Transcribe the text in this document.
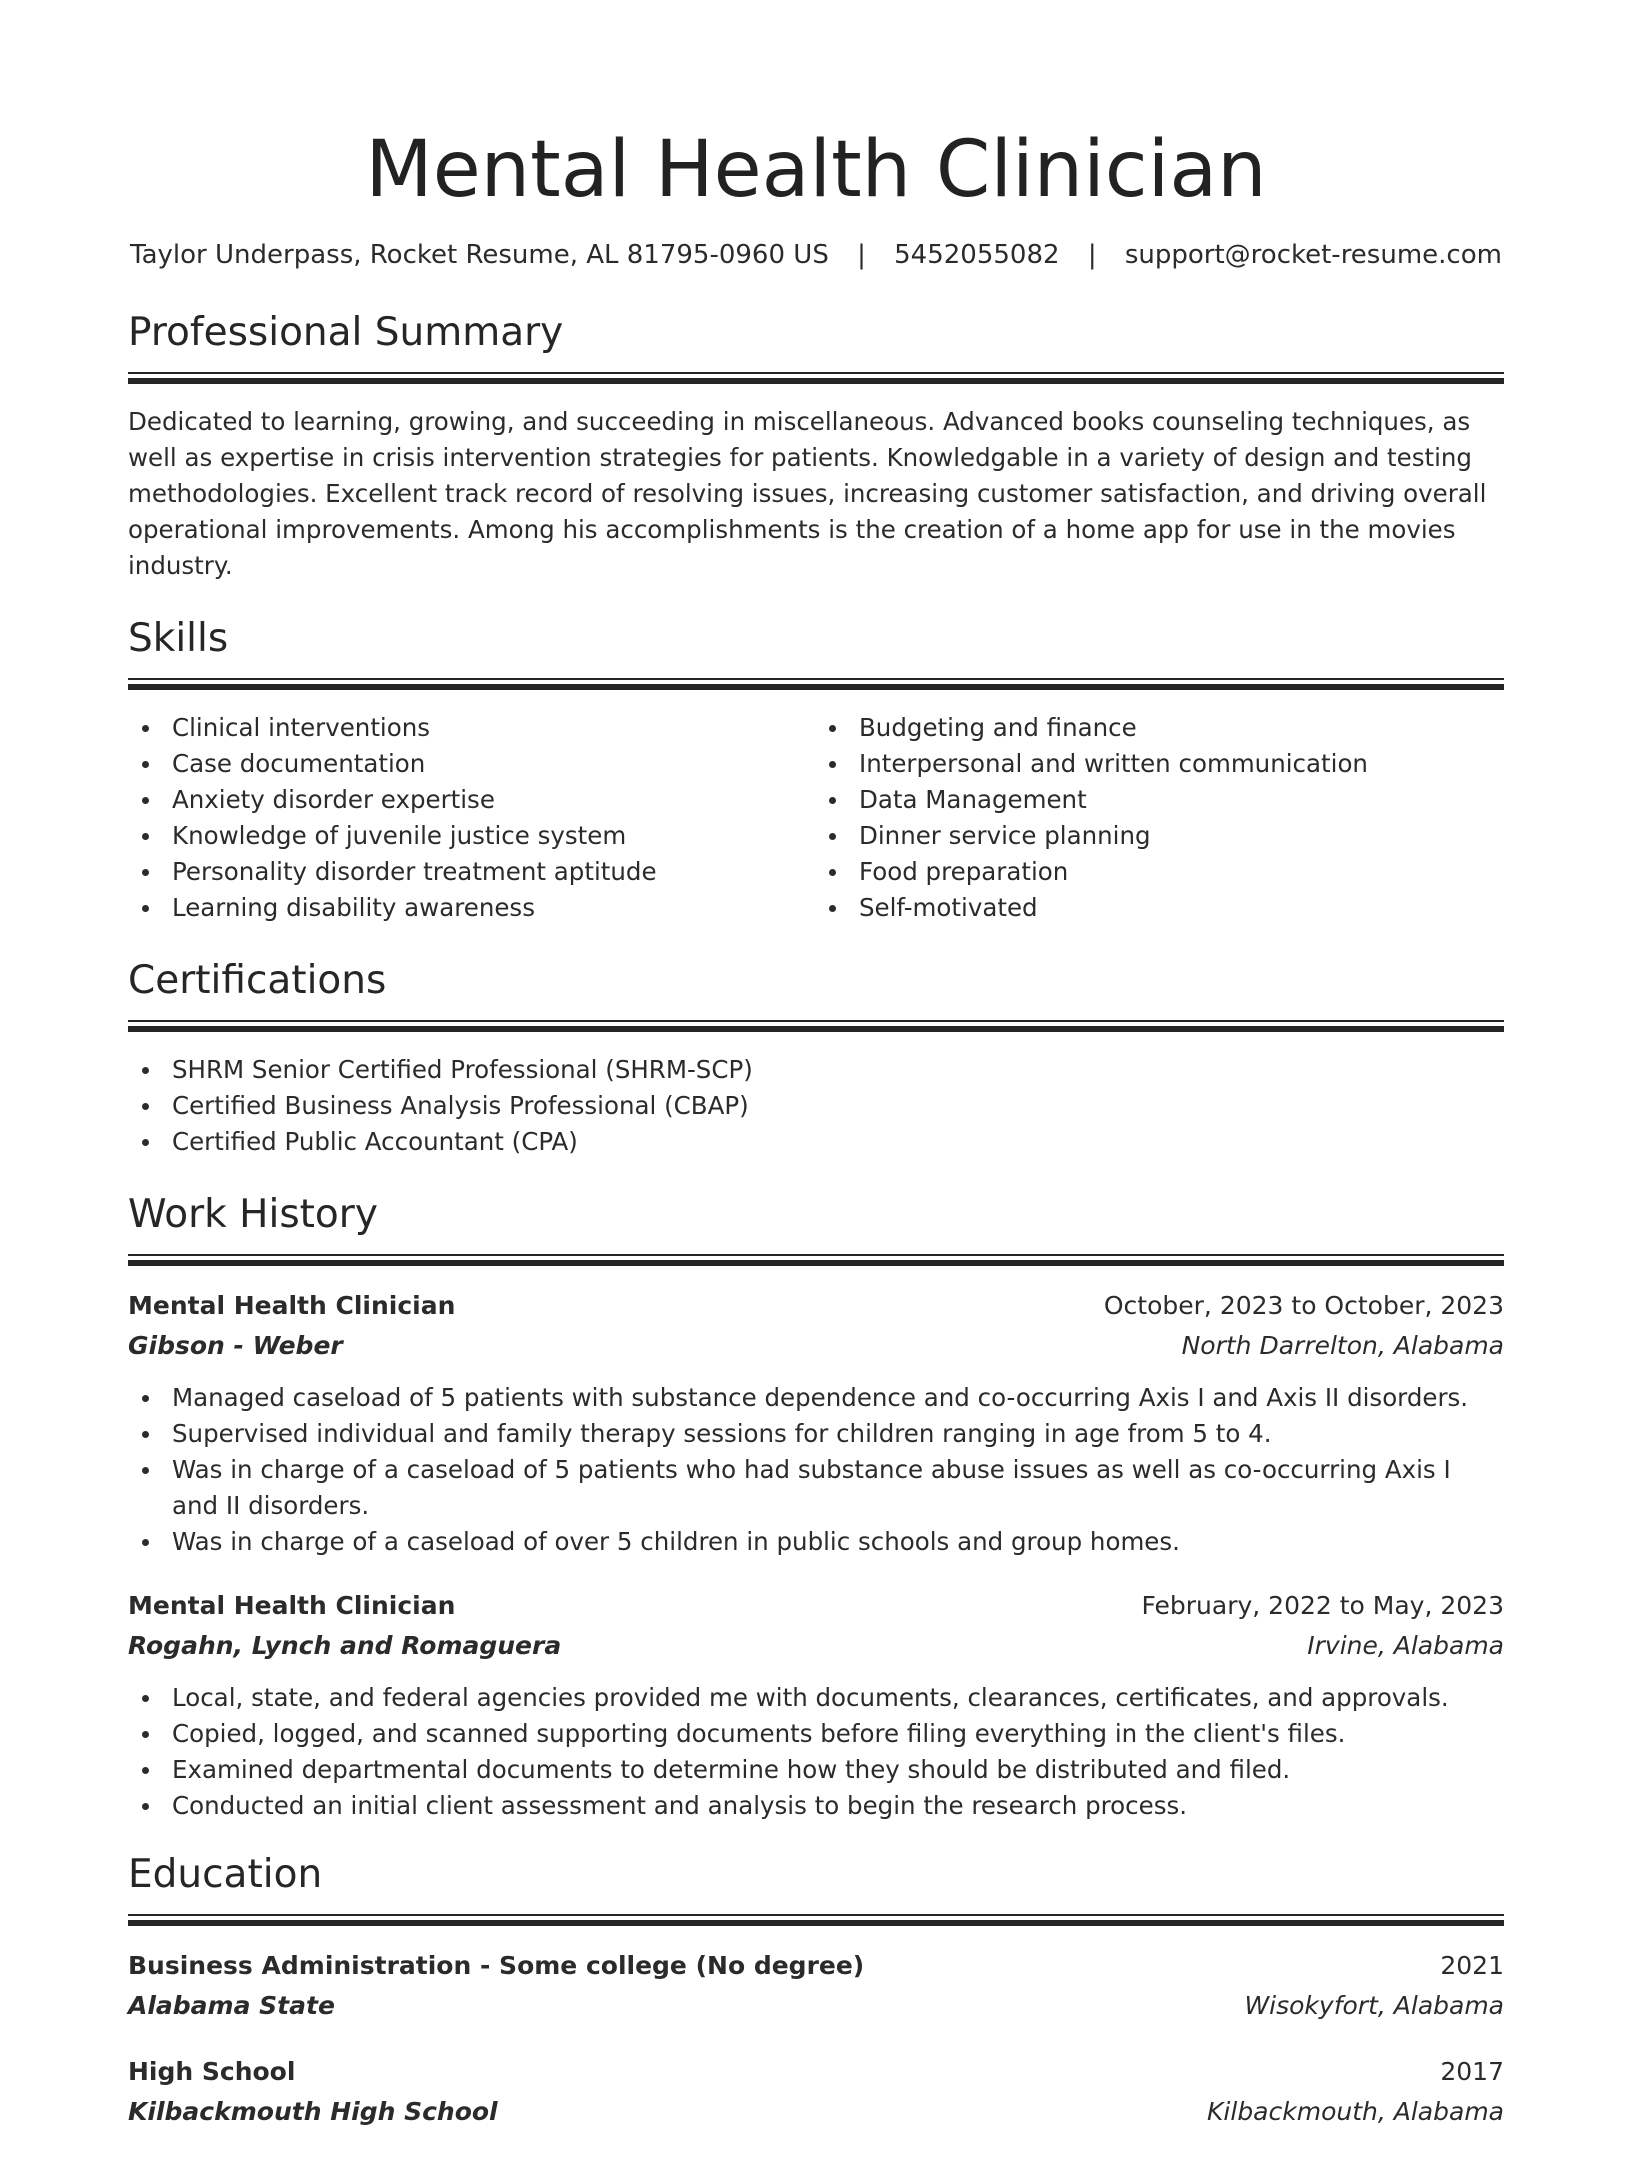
Mental Health Clinician
Taylor Underpass, Rocket Resume, AL 81795-0960 US | 5452055082 | support@rocket-resume.com
Professional Summary

Dedicated to learning, growing, and succeeding in miscellaneous. Advanced books counseling techniques, as well as expertise in crisis intervention strategies for patients. Knowledgable in a variety of design and testing methodologies. Excellent track record of resolving issues, increasing customer satisfaction, and driving overall operational improvements. Among his accomplishments is the creation of a home app for use in the movies industry.

Skills
Clinical interventions
Case documentation
Anxiety disorder expertise
Knowledge of juvenile justice system
Personality disorder treatment aptitude
Learning disability awareness
Budgeting and finance
Interpersonal and written communication
Data Management
Dinner service planning
Food preparation
Self-motivated
Certifications
SHRM Senior Certified Professional (SHRM-SCP)
Certified Business Analysis Professional (CBAP)
Certified Public Accountant (CPA)
Work History
Mental Health Clinician	October, 2023 to October, 2023
Gibson - Weber	North Darrelton, Alabama
Managed caseload of 5 patients with substance dependence and co-occurring Axis I and Axis II disorders.
Supervised individual and family therapy sessions for children ranging in age from 5 to 4.
Was in charge of a caseload of 5 patients who had substance abuse issues as well as co-occurring Axis I and II disorders.
Was in charge of a caseload of over 5 children in public schools and group homes.
Mental Health Clinician	February, 2022 to May, 2023
Rogahn, Lynch and Romaguera	Irvine, Alabama
Local, state, and federal agencies provided me with documents, clearances, certificates, and approvals.
Copied, logged, and scanned supporting documents before filing everything in the client's files.
Examined departmental documents to determine how they should be distributed and filed.
Conducted an initial client assessment and analysis to begin the research process.
Education
Business Administration - Some college (No degree)	2021
Alabama State	Wisokyfort, Alabama
High School	2017
Kilbackmouth High School	Kilbackmouth, Alabama
